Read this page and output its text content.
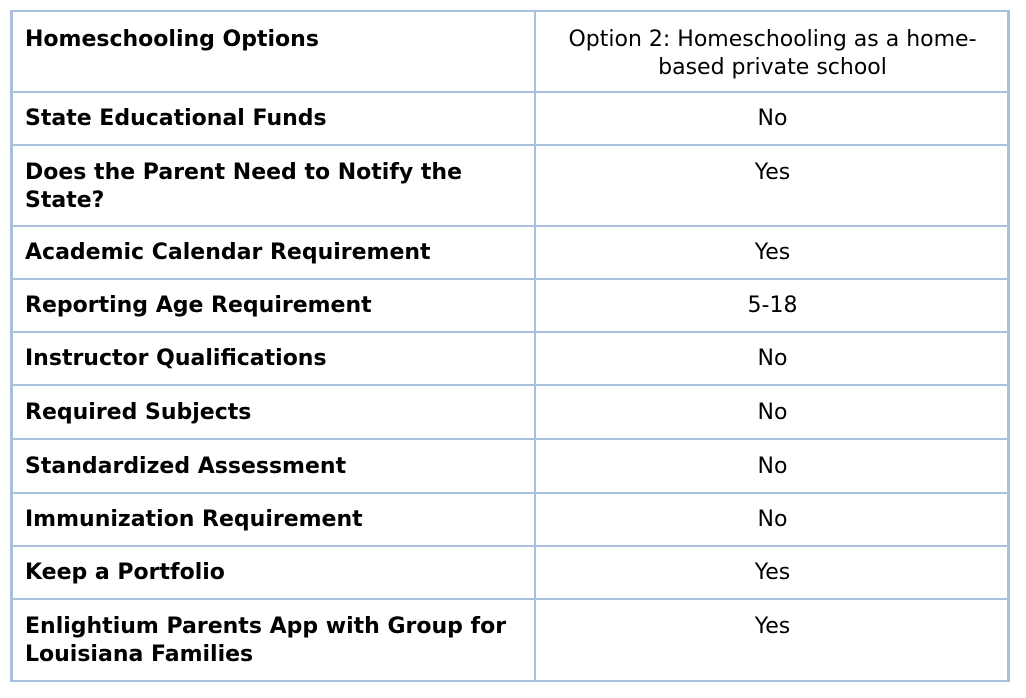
Homeschooling Options	Option 2: Homeschooling as a home-based private school
State Educational Funds	No
Does the Parent Need to Notify the State?	Yes
Academic Calendar Requirement	Yes
Reporting Age Requirement	5-18
Instructor Qualifications	No
Required Subjects	No
Standardized Assessment	No
Immunization Requirement	No
Keep a Portfolio	Yes
Enlightium Parents App with Group for Louisiana Families	Yes
